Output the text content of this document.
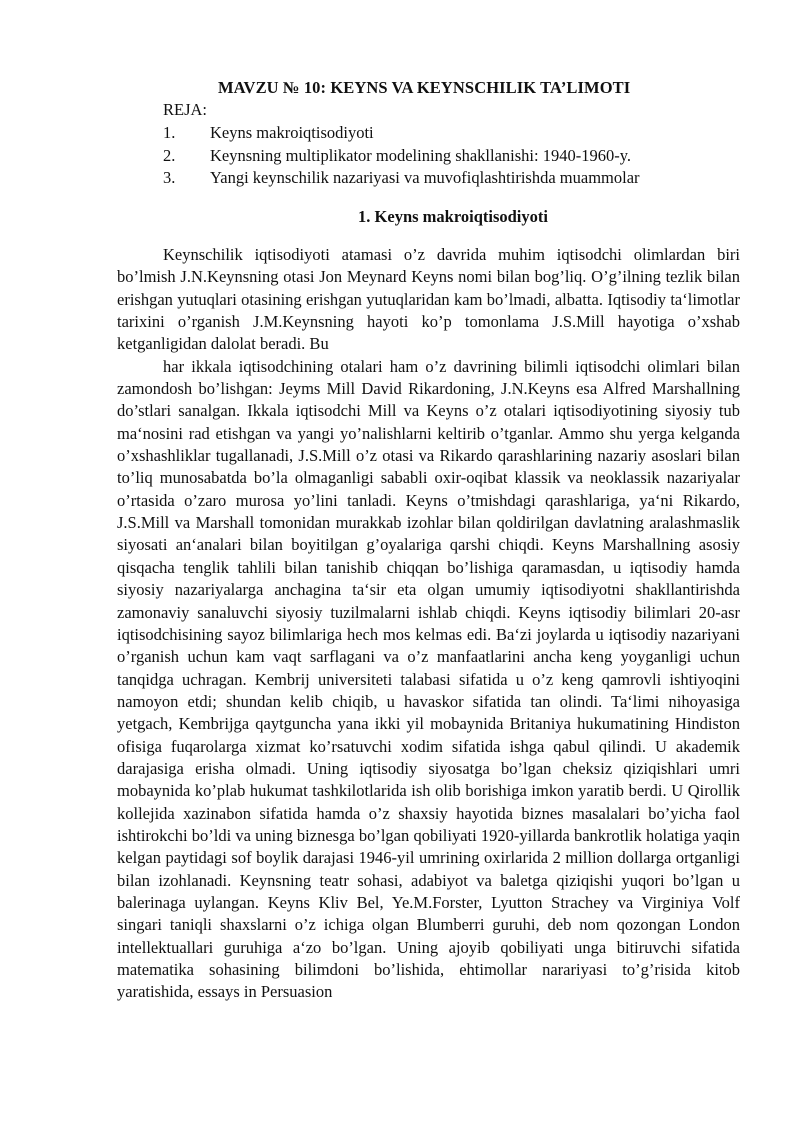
MAVZU № 10: KEYNS VA KEYNSCHILIK TA’LIMOTI
REJA:
1. Keyns makroiqtisodiyoti
2. Keynsning multiplikator modelining shakllanishi: 1940-1960-y.
3. Yangi keynschilik nazariyasi va muvofiqlashtirishda muammolar
1. Keyns makroiqtisodiyoti

Keynschilik iqtisodiyoti atamasi o’z davrida muhim iqtisodchi olimlardan biri bo’lmish J.N.Keynsning otasi Jon Meynard Keyns nomi bilan bog’liq. O’g’ilning tezlik bilan erishgan yutuqlari otasining erishgan yutuqlaridan kam bo’lmadi, albatta. Iqtisodiy ta‘limotlar tarixini o’rganish J.M.Keynsning hayoti ko’p tomonlama J.S.Mill hayotiga o’xshab ketganligidan dalolat beradi. Bu

har ikkala iqtisodchining otalari ham o’z davrining bilimli iqtisodchi olimlari bilan zamondosh bo’lishgan: Jeyms Mill David Rikardoning, J.N.Keyns esa Alfred Marshallning do’stlari sanalgan. Ikkala iqtisodchi Mill va Keyns o’z otalari iqtisodiyotining siyosiy tub ma‘nosini rad etishgan va yangi yo’nalishlarni keltirib o’tganlar. Ammo shu yerga kelganda o’xshashliklar tugallanadi, J.S.Mill o’z otasi va Rikardo qarashlarining nazariy asoslari bilan to’liq munosabatda bo’la olmaganligi sababli oxir-oqibat klassik va neoklassik nazariyalar o’rtasida o’zaro murosa yo’lini tanladi. Keyns o’tmishdagi qarashlariga, ya‘ni Rikardo, J.S.Mill va Marshall tomonidan murakkab izohlar bilan qoldirilgan davlatning aralashmaslik siyosati an‘analari bilan boyitilgan g’oyalariga qarshi chiqdi. Keyns Marshallning asosiy qisqacha tenglik tahlili bilan tanishib chiqqan bo’lishiga qaramasdan, u iqtisodiy hamda siyosiy nazariyalarga anchagina ta‘sir eta olgan umumiy iqtisodiyotni shakllantirishda zamonaviy sanaluvchi siyosiy tuzilmalarni ishlab chiqdi. Keyns iqtisodiy bilimlari 20-asr iqtisodchisining sayoz bilimlariga hech mos kelmas edi. Ba‘zi joylarda u iqtisodiy nazariyani o’rganish uchun kam vaqt sarflagani va o’z manfaatlarini ancha keng yoyganligi uchun tanqidga uchragan. Kembrij universiteti talabasi sifatida u o’z keng qamrovli ishtiyoqini namoyon etdi; shundan kelib chiqib, u havaskor sifatida tan olindi. Ta‘limi nihoyasiga yetgach, Kembrijga qaytguncha yana ikki yil mobaynida Britaniya hukumatining Hindiston ofisiga fuqarolarga xizmat ko’rsatuvchi xodim sifatida ishga qabul qilindi. U akademik darajasiga erisha olmadi. Uning iqtisodiy siyosatga bo’lgan cheksiz qiziqishlari umri mobaynida ko’plab hukumat tashkilotlarida ish olib borishiga imkon yaratib berdi. U Qirollik kollejida xazinabon sifatida hamda o’z shaxsiy hayotida biznes masalalari bo’yicha faol ishtirokchi bo’ldi va uning biznesga bo’lgan qobiliyati 1920-yillarda bankrotlik holatiga yaqin kelgan paytidagi sof boylik darajasi 1946-yil umrining oxirlarida 2 million dollarga ortganligi bilan izohlanadi. Keynsning teatr sohasi, adabiyot va baletga qiziqishi yuqori bo’lgan u balerinaga uylangan. Keyns Kliv Bel, Ye.M.Forster, Lyutton Strachey va Virginiya Volf singari taniqli shaxslarni o’z ichiga olgan Blumberri guruhi, deb nom qozongan London intellektuallari guruhiga a‘zo bo’lgan. Uning ajoyib qobiliyati unga bitiruvchi sifatida matematika sohasining bilimdoni bo’lishida, ehtimollar narariyasi to’g’risida kitob yaratishida, essays in Persuasion
